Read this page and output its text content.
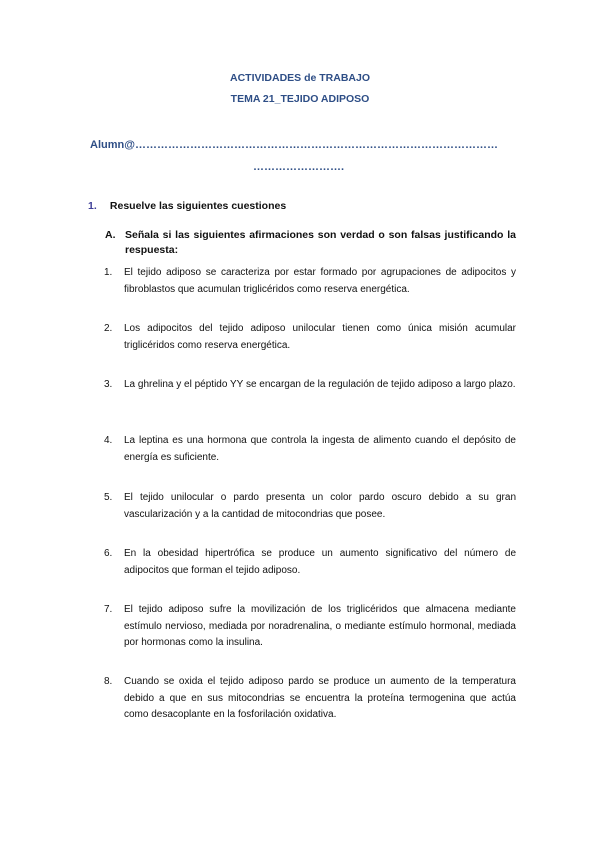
ACTIVIDADES de TRABAJO
TEMA 21_TEJIDO ADIPOSO
Alumn@………………………………………………………………………………………
…………………….
1. Resuelve las siguientes cuestiones
A. Señala si las siguientes afirmaciones son verdad o son falsas justificando la respuesta:
1. El tejido adiposo se caracteriza por estar formado por agrupaciones de adipocitos y fibroblastos que acumulan triglicéridos como reserva energética.
2. Los adipocitos del tejido adiposo unilocular tienen como única misión acumular triglicéridos como reserva energética.
3. La ghrelina y el péptido YY se encargan de la regulación de tejido adiposo a largo plazo.
4. La leptina es una hormona que controla la ingesta de alimento cuando el depósito de energía es suficiente.
5. El tejido unilocular o pardo presenta un color pardo oscuro debido a su gran vascularización y a la cantidad de mitocondrias que posee.
6. En la obesidad hipertrófica se produce un aumento significativo del número de adipocitos que forman el tejido adiposo.
7. El tejido adiposo sufre la movilización de los triglicéridos que almacena mediante estímulo nervioso, mediada por noradrenalina, o mediante estímulo hormonal, mediada por hormonas como la insulina.
8. Cuando se oxida el tejido adiposo pardo se produce un aumento de la temperatura debido a que en sus mitocondrias se encuentra la proteína termogenina que actúa como desacoplante en la fosforilación oxidativa.
